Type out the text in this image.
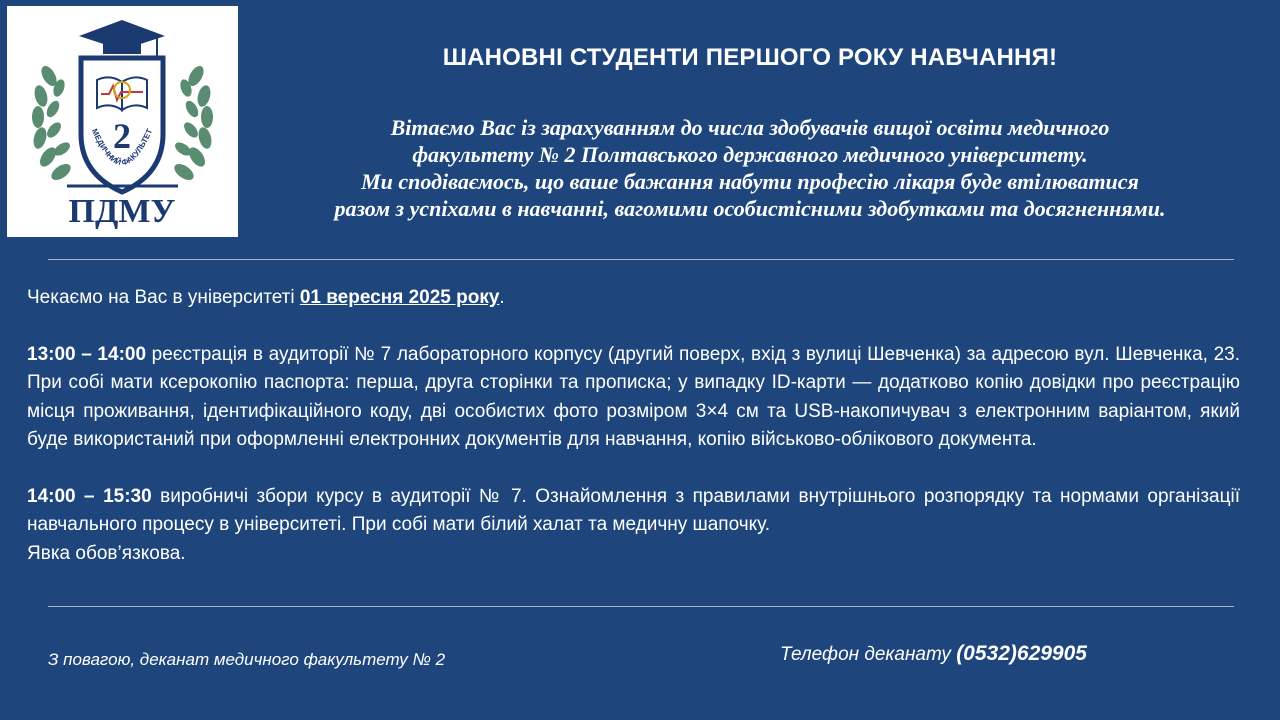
2
МЕДИЧНИЙ ФАКУЛЬТЕТ
ПДМУ
ШАНОВНІ СТУДЕНТИ ПЕРШОГО РОКУ НАВЧАННЯ!

Вітаємо Вас із зарахуванням до числа здобувачів вищої освіти медичного

факультету № 2 Полтавського державного медичного університету.

Ми сподіваємось, що ваше бажання набути професію лікаря буде втілюватися

разом з успіхами в навчанні, вагомими особистісними здобутками та досягненнями.

Чекаємо на Вас в університеті 01 вересня 2025 року.

13:00 – 14:00 реєстрація в аудиторії № 7 лабораторного корпусу (другий поверх, вхід з вулиці Шевченка) за адресою вул. Шевченка, 23. При собі мати ксерокопію паспорта: перша, друга сторінки та прописка; у випадку ID-карти — додатково копію довідки про реєстрацію місця проживання, ідентифікаційного коду, дві особистих фото розміром 3×4 см та USB-накопичувач з електронним варіантом, який буде використаний при оформленні електронних документів для навчання, копію військово-облікового документа.

14:00 – 15:30 виробничі збори курсу в аудиторії № 7. Ознайомлення з правилами внутрішнього розпорядку та нормами організації навчального процесу в університеті. При собі мати білий халат та медичну шапочку.

Явка обов’язкова.

З повагою, деканат медичного факультету № 2	Телефон деканату (0532)629905
